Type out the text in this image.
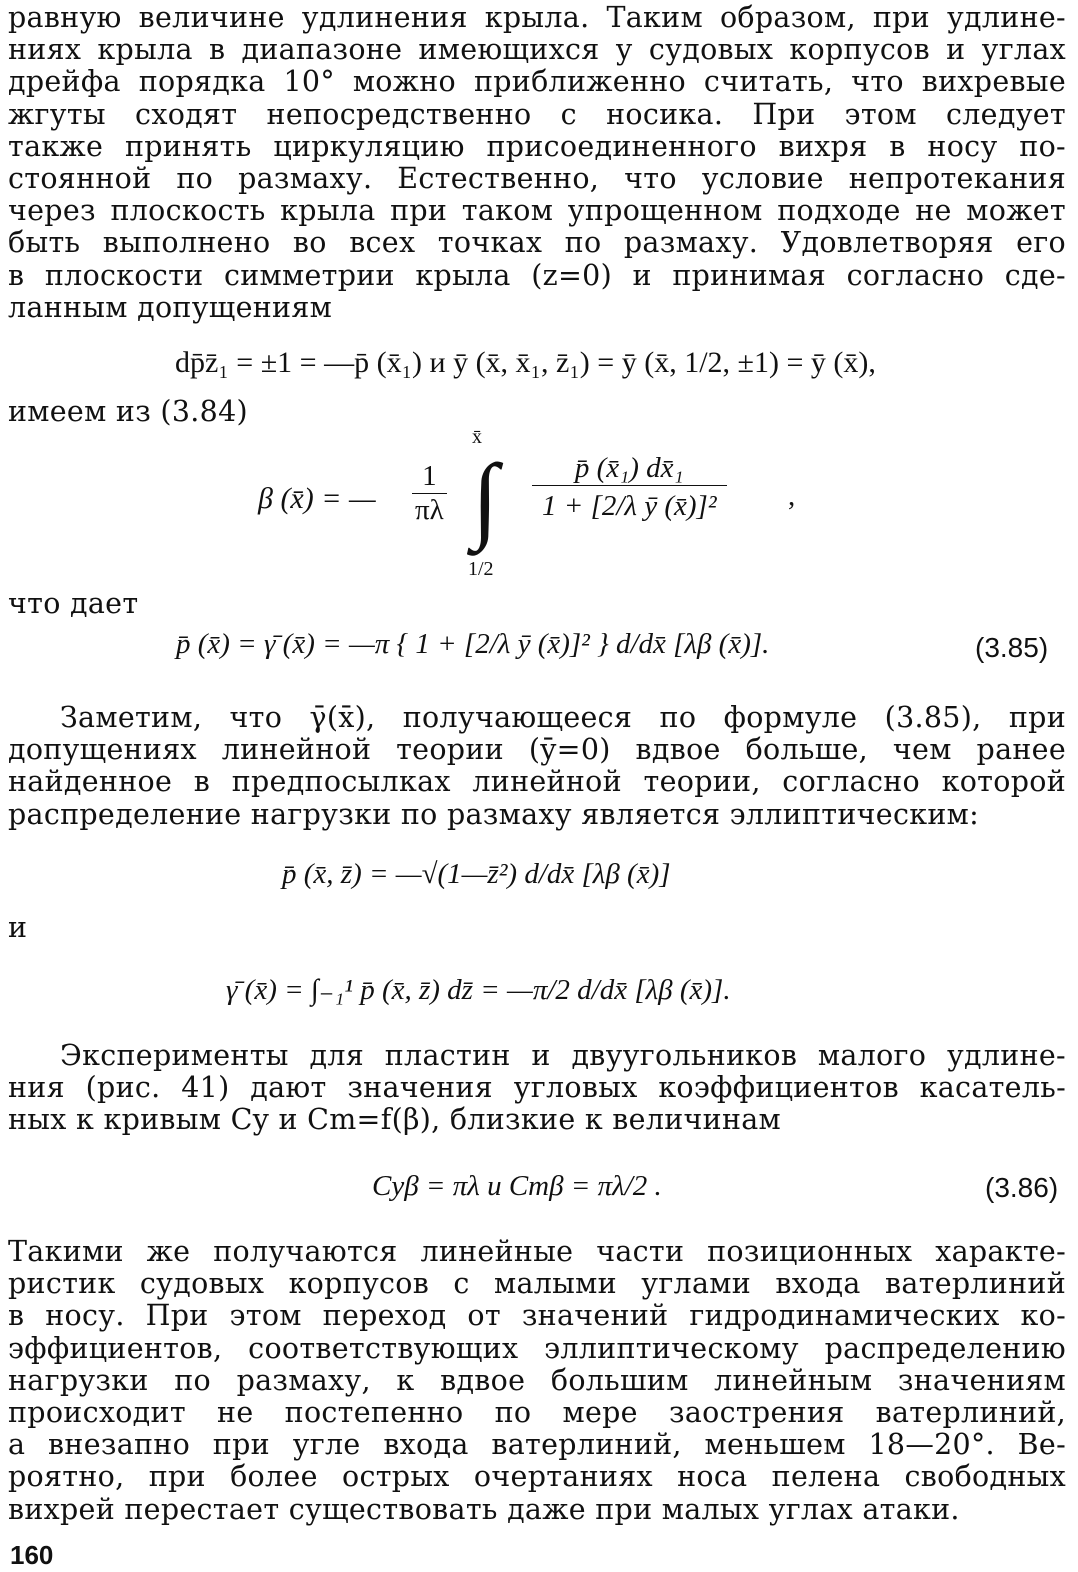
равную величине удлинения крыла. Таким образом, при удлине-
ниях крыла в диапазоне имеющихся у судовых корпусов и углах
дрейфа порядка 10° можно приближенно считать, что вихревые
жгуты сходят непосредственно с носика. При этом следует
также принять циркуляцию присоединенного вихря в носу по-
стоянной по размаху. Естественно, что условие непротекания
через плоскость крыла при таком упрощенном подходе не может
быть выполнено во всех точках по размаху. Удовлетворяя его
в плоскости симметрии крыла (z=0) и принимая согласно сде-
ланным допущениям
dp̄z̄₁ = ±1 = —p̄ (x̄₁) и ȳ (x̄, x̄₁, z̄₁) = ȳ (x̄, 1/2, ±1) = ȳ (x̄),
имеем из (3.84)
β (x̄) = — $\frac{1}{\pi\lambda}$
x̄
∫
1/2
$\frac{\text{p̄ (x̄₁) dx̄₁}}{\text{1 + [2/λ ȳ (x̄)]²}}$ ,
что дает
p̄ (x̄) = γ̄ (x̄) = —π { 1 + [2/λ ȳ (x̄)]² } d/dx̄ [λβ (x̄)].	(3.85)
Заметим, что γ̄(x̄), получающееся по формуле (3.85), при
допущениях линейной теории (ȳ=0) вдвое больше, чем ранее
найденное в предпосылках линейной теории, согласно которой
распределение нагрузки по размаху является эллиптическим:
p̄ (x̄, z̄) = —√(1—z̄²) d/dx̄ [λβ (x̄)]
и
γ̄ (x̄) = ∫₋₁¹ p̄ (x̄, z̄) dz̄ = —π/2 d/dx̄ [λβ (x̄)].
Эксперименты для пластин и двуугольников малого удлине-
ния (рис. 41) дают значения угловых коэффициентов касатель-
ных к кривым Cy и Cm=f(β), близкие к величинам
Cyβ = πλ и Cmβ = πλ/2 .	(3.86)
Такими же получаются линейные части позиционных характе-
ристик судовых корпусов с малыми углами входа ватерлиний
в носу. При этом переход от значений гидродинамических ко-
эффициентов, соответствующих эллиптическому распределению
нагрузки по размаху, к вдвое большим линейным значениям
происходит не постепенно по мере заострения ватерлиний,
а внезапно при угле входа ватерлиний, меньшем 18—20°. Ве-
роятно, при более острых очертаниях носа пелена свободных
вихрей перестает существовать даже при малых углах атаки.
160
